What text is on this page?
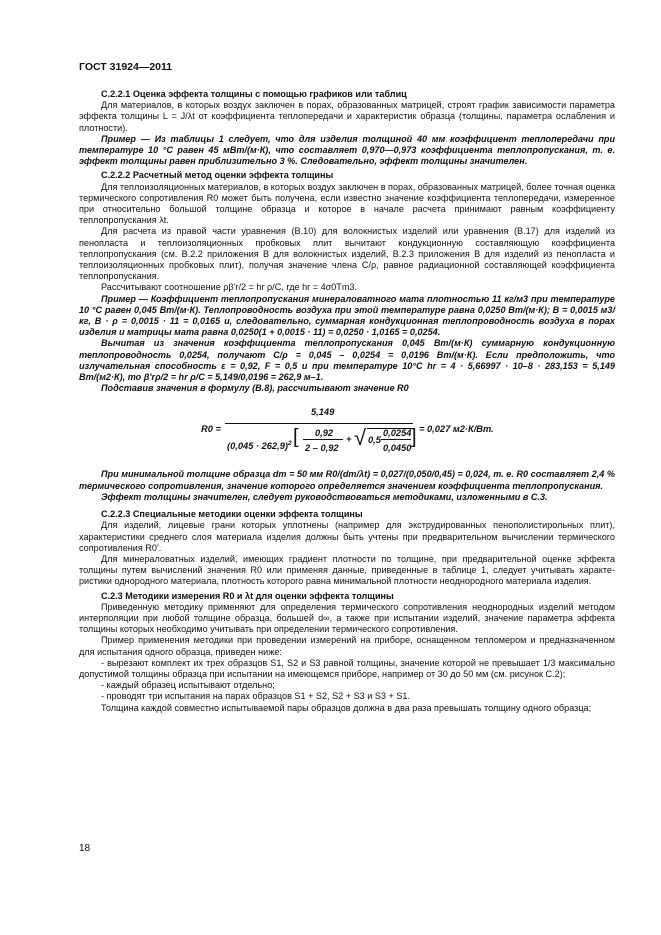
ГОСТ 31924—2011

С.2.2.1 Оценка эффекта толщины с помощью графиков или таблиц

Для материалов, в которых воздух заключен в порах, образованных матрицей, строят график зависимости параметра эффекта толщины L = J/λt от коэффициента теплопередачи и характеристик образца (толщины, параметра ослабления и плотности).

Пример — Из таблицы 1 следует, что для изделия толщиной 40 мм коэффициент теплопередачи при температуре 10 °С равен 45 мВт/(м·К), что составляет 0,970—0,973 коэффициента теплопропускания, т. е. эффект толщины равен приблизительно 3 %. Следовательно, эффект толщины значителен.

С.2.2.2 Расчетный метод оценки эффекта толщины

Для теплоизоляционных материалов, в которых воздух заключен в порах, образованных матрицей, более точная оценка термического сопротивления R0 может быть получена, если известно значение коэффициента теплопередачи, измеренное при относительно большой толщине образца и которое в начале расчета принимают равным коэффициенту теплопропускания λt.

Для расчета из правой части уравнения (В.10) для волокнистых изделий или уравнения (В.17) для изделий из пенопласта и теплоизоляционных пробковых плит вычитают кондукционную составляющую коэффициента теплопропускания (см. В.2.2 приложения В для волокнистых изделий, В.2.3 приложения В для изделий из пенопласта и теплоизоляционных пробковых плит), получая значение члена C/ρ, равное радиационной составляющей коэффициента теплопропускания.

Рассчитывают соотношение ρβ'r/2 = hr ρ/C, где hr = 4σ0Tm3.

Пример — Коэффициент теплопропускания минераловатного мата плотностью 11 кг/м3 при температуре 10 °С равен 0,045 Вт/(м·К). Теплопроводность воздуха при этой температуре равна 0,0250 Вт/(м·К); B = 0,0015 м3/кг, B · ρ = 0,0015 · 11 = 0,0165 и, следовательно, суммарная кондукционная теплопроводность воздуха в порах изделия и матрицы мата равна 0,0250(1 + 0,0015 · 11) = 0,0250 · 1,0165 = 0,0254.

Вычитая из значения коэффициента теплопропускания 0,045 Вт/(м·К) суммарную кондукционную теплопроводность 0,0254, получают C/ρ = 0,045 – 0,0254 = 0,0196 Вт/(м·К). Если предположить, что излучательная способность ε = 0,92, F = 0,5 и при температуре 10°С hr = 4 · 5,66997 · 10–8 · 283,153 = 5,149 Вт/(м2·К), то β'rρ/2 = hr ρ/C = 5,149/0,0196 = 262,9 м–1.

Подставив значения в формулу (В.8), рассчитывают значение R0

R0 =
5,149
$(0,045 \cdot 262,9)^2$ [ 0,92
2 – 0,92
+ √ 0,5
0,0254
0,0450 ] = 0,027 м2·К/Вт.

При минимальной толщине образца dm = 50 мм R0/(dm/λt) = 0,027/(0,050/0,45) = 0,024, т. е. R0 составляет 2,4 % термического сопротивления, значение которого определяется значением коэффициента теплопропускания.

Эффект толщины значителен, следует руководствоваться методиками, изложенными в С.3.

С.2.2.3 Специальные методики оценки эффекта толщины

Для изделий, лицевые грани которых уплотнены (например для экструдированных пенополистирольных плит), характеристики среднего слоя материала изделия должны быть учтены при предварительном вычислении термического сопротивления R0'.

Для минераловатных изделий, имеющих градиент плотности по толщине, при предварительной оценке эффекта толщины путем вычислений значения R0 или применяя данные, приведенные в таблице 1, следует учитывать характе-ристики однородного материала, плотность которого равна минимальной плотности неоднородного материала изделия.

С.2.3 Методики измерения R0 и λt для оценки эффекта толщины

Приведенную методику применяют для определения термического сопротивления неоднородных изделий методом интерполяции при любой толщине образца, большей d∞, а также при испытании изделий, значение параметра эффекта толщины которых необходимо учитывать при определении термического сопротивления.

Пример применения методики при проведении измерений на приборе, оснащенном тепломером и предназначенном для испытания одного образца, приведен ниже:

- вырезают комплект их трех образцов S1, S2 и S3 равной толщины, значение которой не превышает 1/3 максимально допустимой толщины образца при испытании на имеющемся приборе, например от 30 до 50 мм (см. рисунок С.2);

- каждый образец испытывают отдельно;

- проводят три испытания на парах образцов S1 + S2, S2 + S3 и S3 + S1.

Толщина каждой совместно испытываемой пары образцов должна в два раза превышать толщину одного образца;

18
